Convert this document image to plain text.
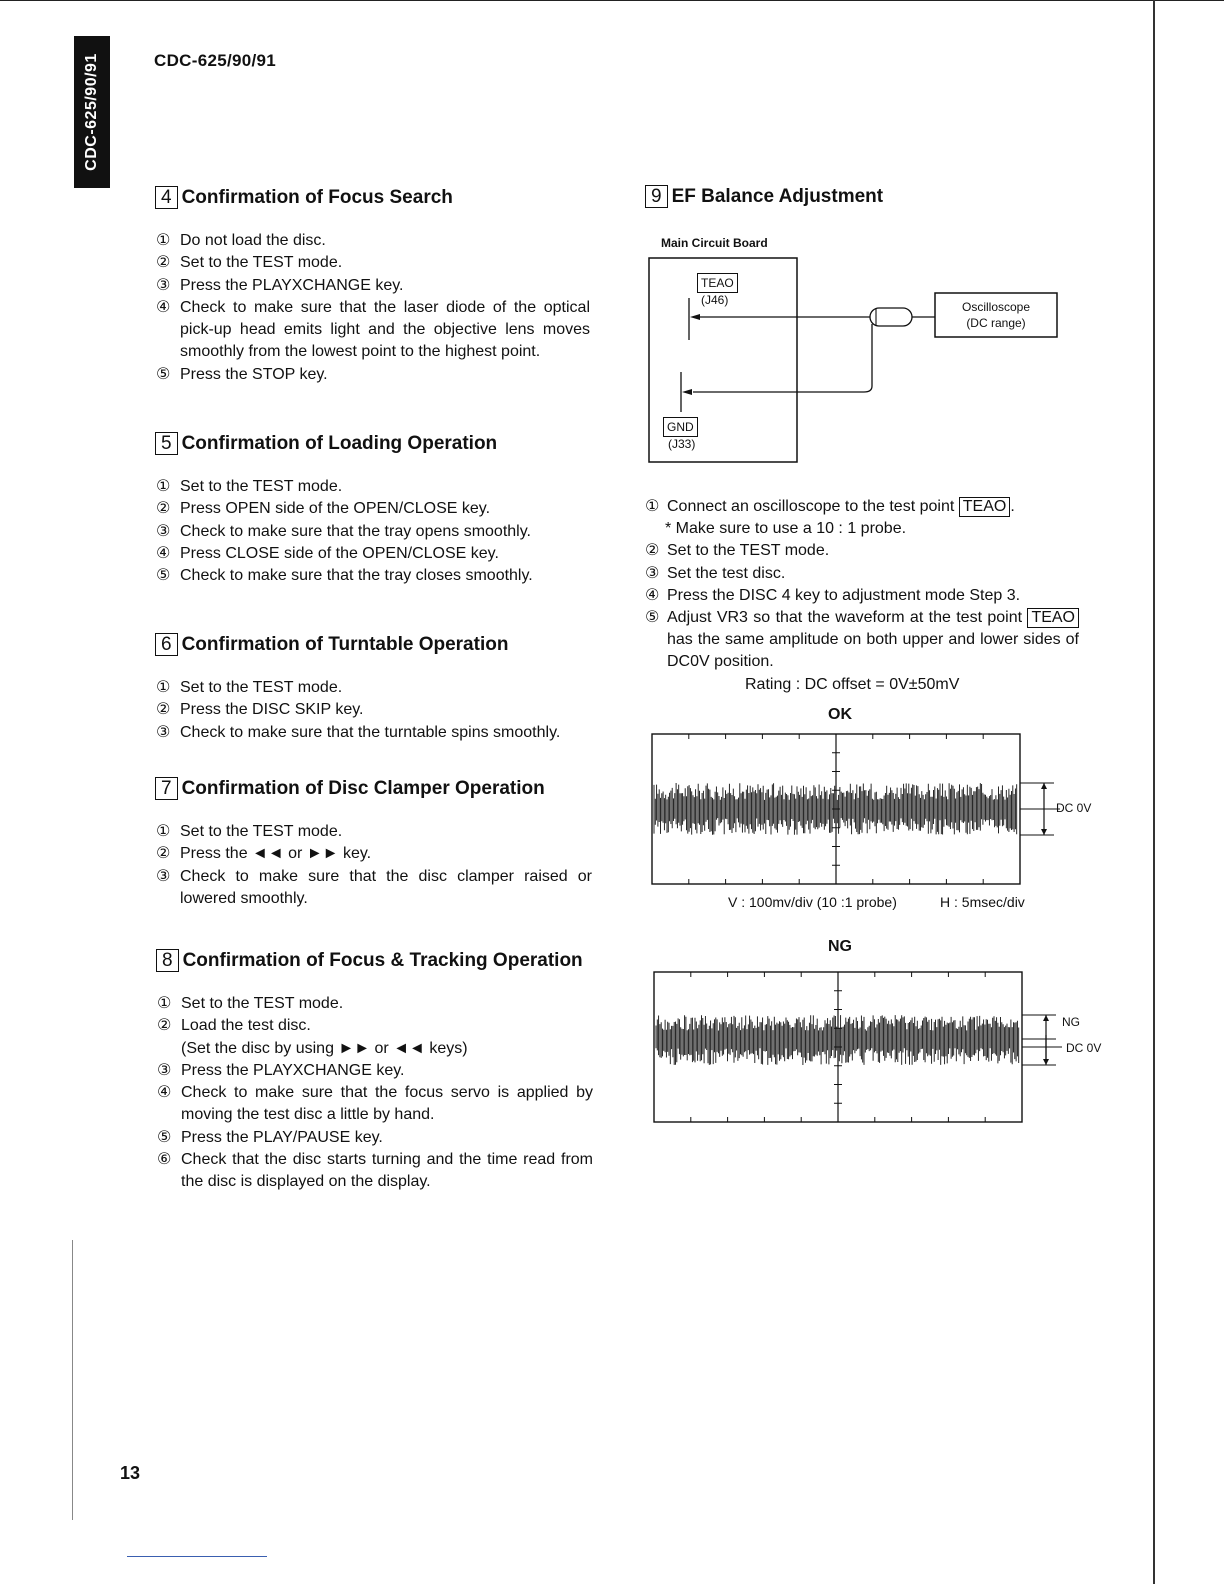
CDC-625/90/91	CDC-625/90/91
13
4 Confirmation of Focus Search
① Do not load the disc.
② Set to the TEST mode.
③ Press the PLAYXCHANGE key.
④ Check to make sure that the laser diode of the optical pick-up head emits light and the objective lens moves smoothly from the lowest point to the highest point.
⑤ Press the STOP key.
5 Confirmation of Loading Operation
① Set to the TEST mode.
② Press OPEN side of the OPEN/CLOSE key.
③ Check to make sure that the tray opens smoothly.
④ Press CLOSE side of the OPEN/CLOSE key.
⑤ Check to make sure that the tray closes smoothly.
6 Confirmation of Turntable Operation
① Set to the TEST mode.
② Press the DISC SKIP key.
③ Check to make sure that the turntable spins smoothly.
7 Confirmation of Disc Clamper Operation
① Set to the TEST mode.
② Press the ◄◄ or ►► key.
③ Check to make sure that the disc clamper raised or lowered smoothly.
8 Confirmation of Focus & Tracking Operation
① Set to the TEST mode.
② Load the test disc.
(Set the disc by using ►► or ◄◄ keys)
③ Press the PLAYXCHANGE key.
④ Check to make sure that the focus servo is applied by moving the test disc a little by hand.
⑤ Press the PLAY/PAUSE key.
⑥ Check that the disc starts turning and the time read from the disc is displayed on the display.
9 EF Balance Adjustment
Main Circuit Board
TEAO
(J46)
GND
(J33)
Oscilloscope
(DC range)
① Connect an oscilloscope to the test point TEAO .
* Make sure to use a 10 : 1 probe.
② Set to the TEST mode.
③ Set the test disc.
④ Press the DISC 4 key to adjustment mode Step 3.
⑤ Adjust VR3 so that the waveform at the test point TEAO has the same amplitude on both upper and lower sides of DC0V position.
Rating : DC offset = 0V±50mV
OK
DC 0V
V : 100mv/div (10 :1 probe)	H : 5msec/div
NG
NG
DC 0V
